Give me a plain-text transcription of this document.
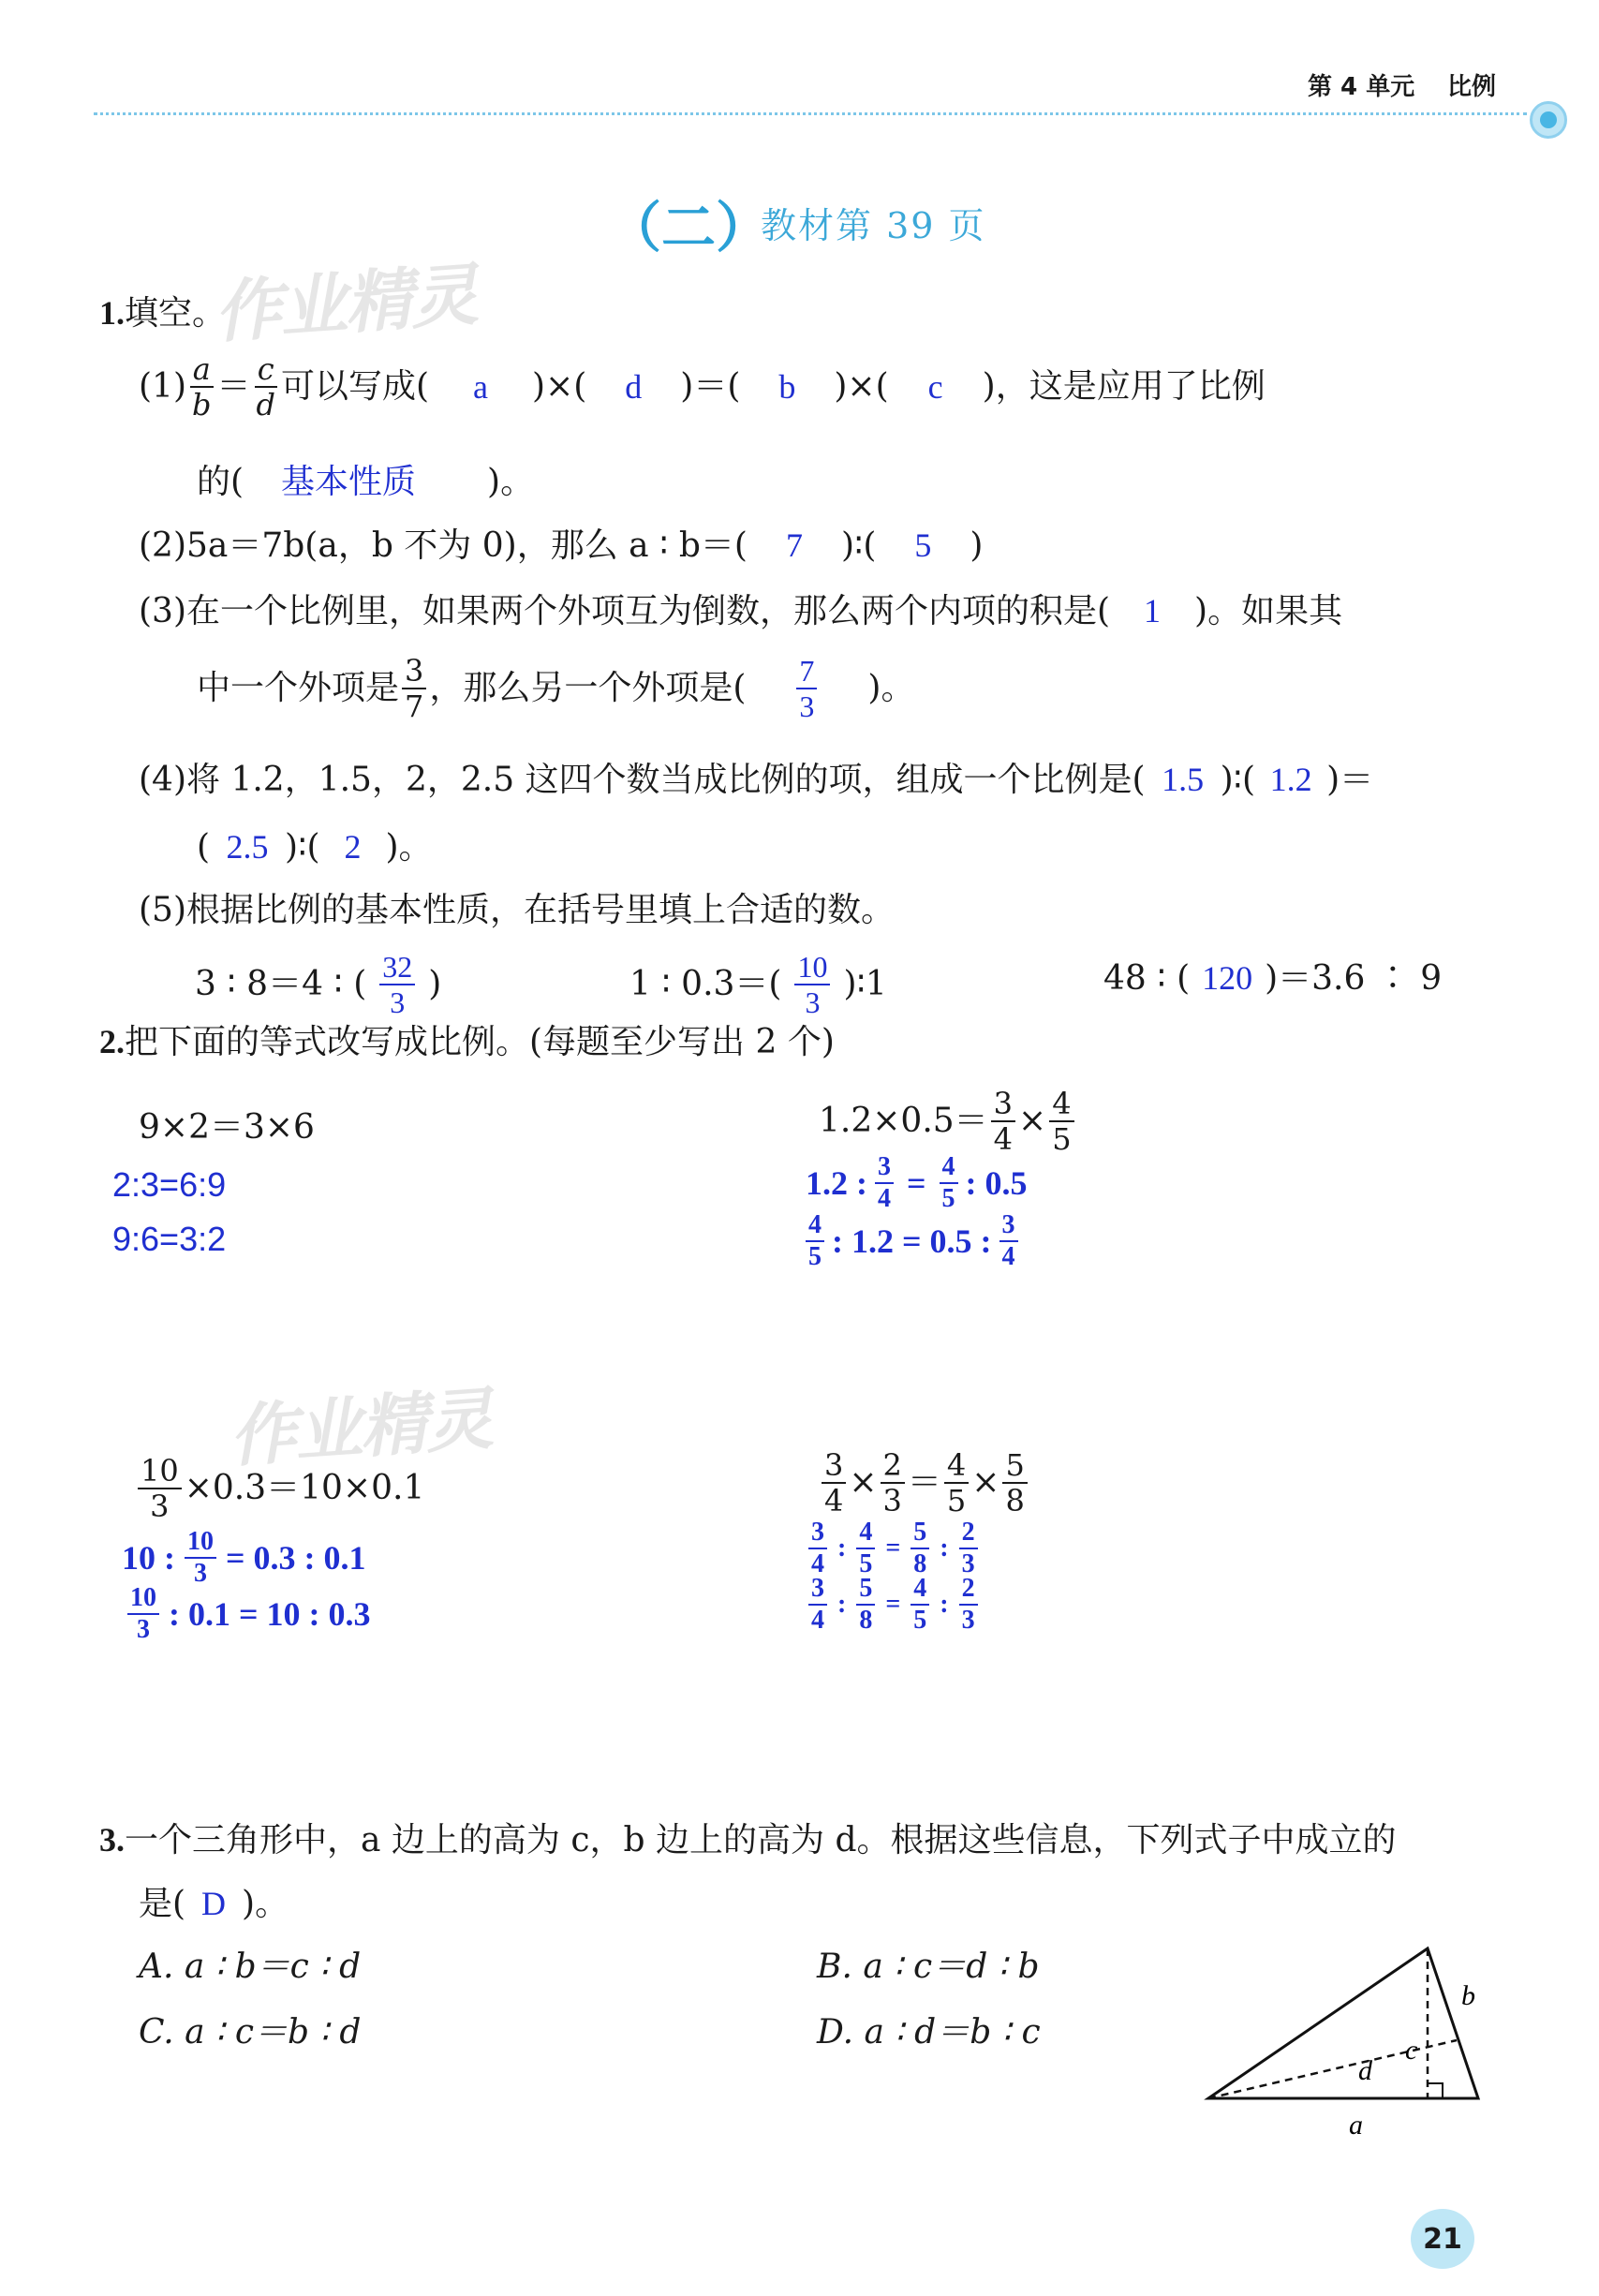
第 4 单元 比例
（二）
教材第 39 页
作业精灵
作业精灵
1.填空。
$(1) \frac{a}{b} = \frac{c}{d}$ 可以写成(	a	)×(	d	)＝(	b	)×(	c	)，这是应用了比例
的( 基本性质 )。
(2)5a＝7b(a，b 不为 0)，那么 a ∶ b＝( 7 )∶( 5 )
(3)在一个比例里，如果两个外项互为倒数，那么两个内项的积是( 1 )。如果其
中一个外项是 $\frac{3}{7}$ ，那么另一个外项是( $\frac{7}{3}$ )。
(4)将 1.2，1.5，2，2.5 这四个数当成比例的项，组成一个比例是( 1.5 )∶( 1.2 )＝
( 2.5 )∶( 2 )。
(5)根据比例的基本性质，在括号里填上合适的数。
3 ∶ 8＝4 ∶ ( $\frac{32}{3}$ )	1 ∶ $0.3=( \frac{10}{3}$ )∶1	48 ∶ ( 120 )＝3.6 ∶ 9
2.把下面的等式改写成比例。(每题至少写出 2 个)
9×2＝3×6
2:3=6:9
9:6=3:2
$1.2\times 0.5= \frac{3}{4} \times \frac{4}{5}$
1.2 : $\frac{3}{4} = \frac{4}{5}$ : 0.5
$\frac{4}{5}$ : 1.2 = 0.5 : $\frac{3}{4}$
$\frac{10}{3} \times 0.3=10\times 0.1$
10 : $\frac{10}{3} = 0.3$ : 0.1
$\frac{10}{3}$ : 0.1 = 10 : 0.3
$\frac{3}{4} \times \frac{2}{3} = \frac{4}{5} \times \frac{5}{8}$
$\frac{3}{4}$ : $\frac{4}{5} = \frac{5}{8}$ : $\frac{2}{3}$
$\frac{3}{4}$ : $\frac{5}{8} = \frac{4}{5}$ : $\frac{2}{3}$
3.一个三角形中，a 边上的高为 c，b 边上的高为 d。根据这些信息，下列式子中成立的
是( D )。
A. a ∶ b＝c ∶ d	B. a ∶ c＝d ∶ b
C. a ∶ c＝b ∶ d	D. a ∶ d＝b ∶ c
b
c
d
a
21
